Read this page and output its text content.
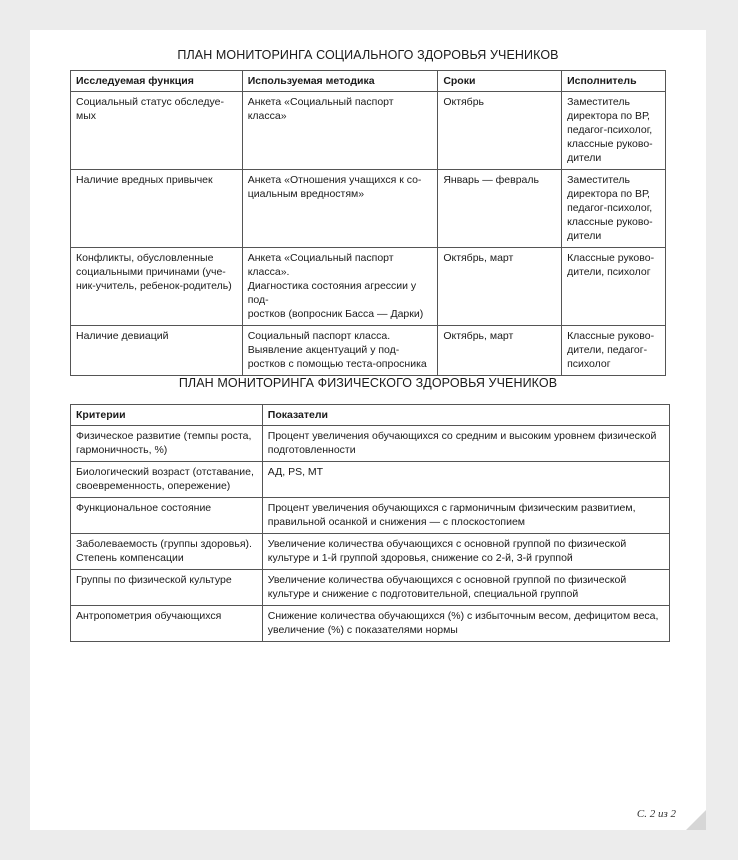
ПЛАН МОНИТОРИНГА СОЦИАЛЬНОГО ЗДОРОВЬЯ УЧЕНИКОВ
Исследуемая функция	Используемая методика	Сроки	Исполнитель
Социальный статус обследуе-
мых	Анкета «Социальный паспорт
класса»	Октябрь	Заместитель
директора по ВР,
педагог-психолог,
классные руково-
дители
Наличие вредных привычек	Анкета «Отношения учащихся к со-
циальным вредностям»	Январь — февраль	Заместитель
директора по ВР,
педагог-психолог,
классные руково-
дители
Конфликты, обусловленные
социальными причинами (уче-
ник-учитель, ребенок-родитель)	Анкета «Социальный паспорт класса».
Диагностика состояния агрессии у под-
ростков (вопросник Басса — Дарки)	Октябрь, март	Классные руково-
дители, психолог
Наличие девиаций	Социальный паспорт класса.
Выявление акцентуаций у под-
ростков с помощью теста-опросника	Октябрь, март	Классные руково-
дители, педагог-
психолог
ПЛАН МОНИТОРИНГА ФИЗИЧЕСКОГО ЗДОРОВЬЯ УЧЕНИКОВ
Критерии	Показатели
Физическое развитие (темпы роста,
гармоничность, %)	Процент увеличения обучающихся со средним и высоким уровнем физической
подготовленности
Биологический возраст (отставание,
своевременность, опережение)	АД, PS, МТ
Функциональное состояние	Процент увеличения обучающихся с гармоничным физическим развитием,
правильной осанкой и снижения — с плоскостопием
Заболеваемость (группы здоровья).
Степень компенсации	Увеличение количества обучающихся с основной группой по физической
культуре и 1-й группой здоровья, снижение со 2-й, 3-й группой
Группы по физической культуре	Увеличение количества обучающихся с основной группой по физической
культуре и снижение с подготовительной, специальной группой
Антропометрия обучающихся	Снижение количества обучающихся (%) с избыточным весом, дефицитом веса,
увеличение (%) с показателями нормы
С. 2 из 2
